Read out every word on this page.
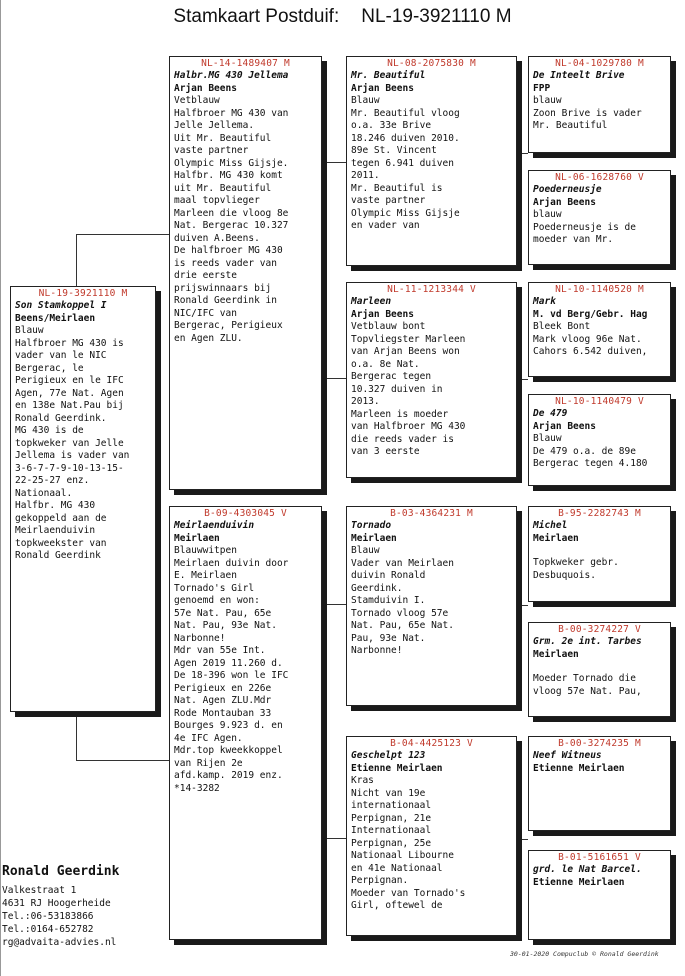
Stamkaart Postduif: NL-19-3921110 M
NL-19-3921110 M
Son Stamkoppel I
Beens/Meirlaen
Blauw
Halfbroer MG 430 is
vader van le NIC
Bergerac, le
Perigieux en le IFC
Agen, 77e Nat. Agen
en 138e Nat.Pau bij
Ronald Geerdink.
MG 430 is de
topkweker van Jelle
Jellema is vader van
3-6-7-7-9-10-13-15-
22-25-27 enz.
Nationaal.
Halfbr. MG 430
gekoppeld aan de
Meirlaenduivin
topkweekster van
Ronald Geerdink
NL-14-1489407 M
Halbr.MG 430 Jellema
Arjan Beens
Vetblauw
Halfbroer MG 430 van
Jelle Jellema.
Uit Mr. Beautiful
vaste partner
Olympic Miss Gijsje.
Halfbr. MG 430 komt
uit Mr. Beautiful
maal topvlieger
Marleen die vloog 8e
Nat. Bergerac 10.327
duiven A.Beens.
De halfbroer MG 430
is reeds vader van
drie eerste
prijswinnaars bij
Ronald Geerdink in
NIC/IFC van
Bergerac, Perigieux
en Agen ZLU.
B-09-4303045 V
Meirlaenduivin
Meirlaen
Blauwwitpen
Meirlaen duivin door
E. Meirlaen
Tornado's Girl
genoemd en won:
57e Nat. Pau, 65e
Nat. Pau, 93e Nat.
Narbonne!
Mdr van 55e Int.
Agen 2019 11.260 d.
De 18-396 won le IFC
Perigieux en 226e
Nat. Agen ZLU.Mdr
Rode Montauban 33
Bourges 9.923 d. en
4e IFC Agen.
Mdr.top kweekkoppel
van Rijen 2e
afd.kamp. 2019 enz.
*14-3282
NL-08-2075830 M
Mr. Beautiful
Arjan Beens
Blauw
Mr. Beautiful vloog
o.a. 33e Brive
18.246 duiven 2010.
89e St. Vincent
tegen 6.941 duiven
2011.
Mr. Beautiful is
vaste partner
Olympic Miss Gijsje
en vader van
NL-11-1213344 V
Marleen
Arjan Beens
Vetblauw bont
Topvliegster Marleen
van Arjan Beens won
o.a. 8e Nat.
Bergerac tegen
10.327 duiven in
2013.
Marleen is moeder
van Halfbroer MG 430
die reeds vader is
van 3 eerste
B-03-4364231 M
Tornado
Meirlaen
Blauw
Vader van Meirlaen
duivin Ronald
Geerdink.
Stamduivin I.
Tornado vloog 57e
Nat. Pau, 65e Nat.
Pau, 93e Nat.
Narbonne!
B-04-4425123 V
Geschelpt 123
Etienne Meirlaen
Kras
Nicht van 19e
internationaal
Perpignan, 21e
Internationaal
Perpignan, 25e
Nationaal Libourne
en 41e Nationaal
Perpignan.
Moeder van Tornado's
Girl, oftewel de
NL-04-1029780 M
De Inteelt Brive
FPP
blauw
Zoon Brive is vader
Mr. Beautiful
NL-06-1628760 V
Poederneusje
Arjan Beens
blauw
Poederneusje is de
moeder van Mr.
NL-10-1140520 M
Mark
M. vd Berg/Gebr. Hag
Bleek Bont
Mark vloog 96e Nat.
Cahors 6.542 duiven,
NL-10-1140479 V
De 479
Arjan Beens
Blauw
De 479 o.a. de 89e
Bergerac tegen 4.180
B-95-2282743 M
Michel
Meirlaen
Topkweker gebr.
Desbuquois.
B-00-3274227 V
Grm. 2e int. Tarbes
Meirlaen
Moeder Tornado die
vloog 57e Nat. Pau,
B-00-3274235 M
Neef Witneus
Etienne Meirlaen
B-01-5161651 V
grd. le Nat Barcel.
Etienne Meirlaen
Ronald Geerdink
Valkestraat 1
4631 RJ Hoogerheide
Tel.:06-53183866
Tel.:0164-652782
rg@advaita-advies.nl
30-01-2020 Compuclub © Ronald Geerdink
